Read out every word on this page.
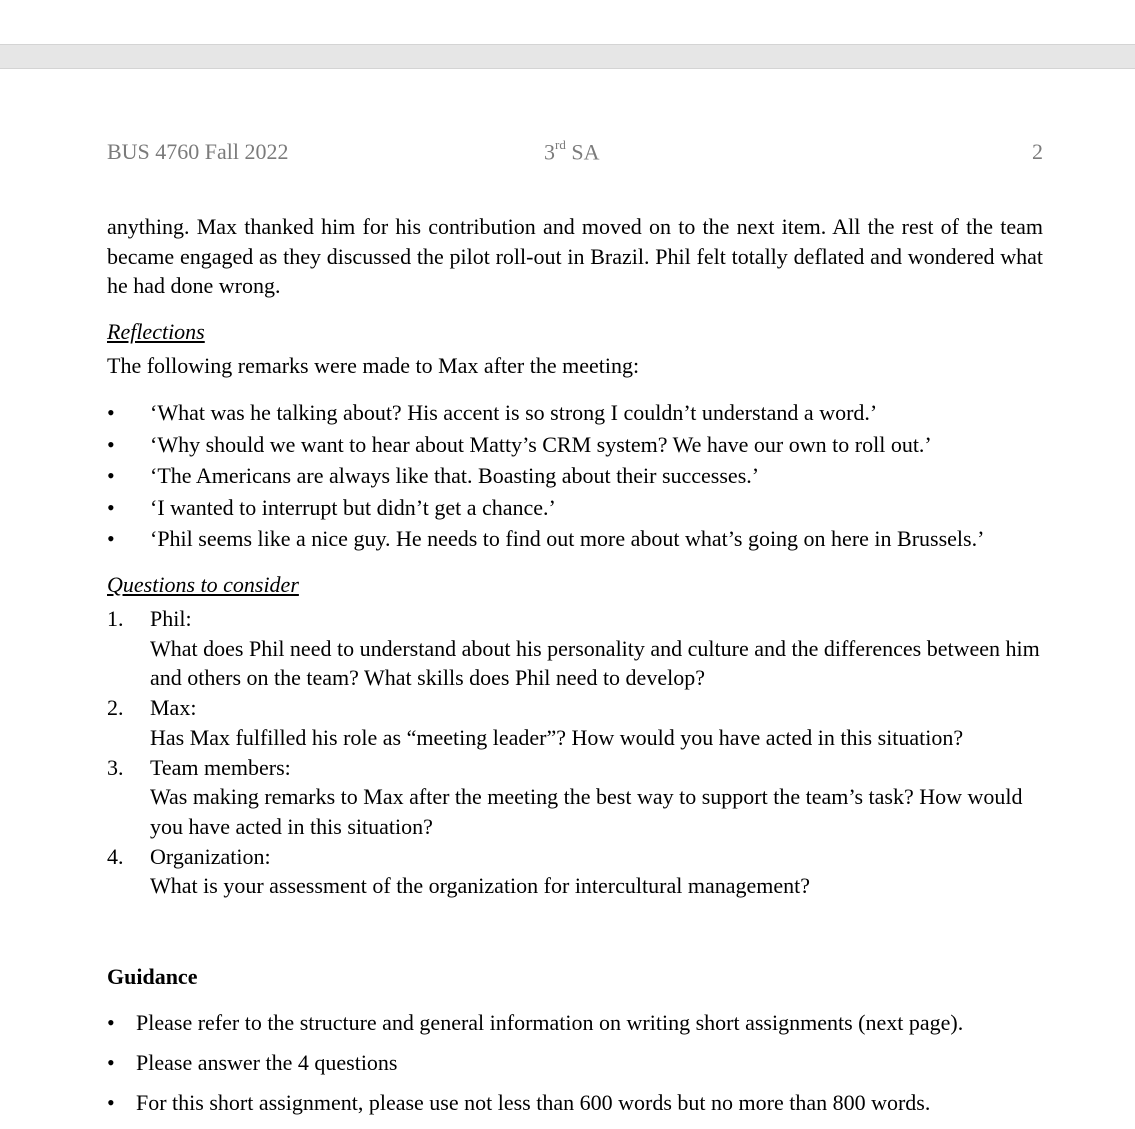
BUS 4760 Fall 2022	3rd SA	2
anything. Max thanked him for his contribution and moved on to the next item. All the rest of the team became engaged as they discussed the pilot roll-out in Brazil. Phil felt totally deflated and wondered what he had done wrong.
Reflections
The following remarks were made to Max after the meeting:
• ‘What was he talking about? His accent is so strong I couldn’t understand a word.’
• ‘Why should we want to hear about Matty’s CRM system? We have our own to roll out.’
• ‘The Americans are always like that. Boasting about their successes.’
• ‘I wanted to interrupt but didn’t get a chance.’
• ‘Phil seems like a nice guy. He needs to find out more about what’s going on here in Brussels.’
Questions to consider
1. Phil:
What does Phil need to understand about his personality and culture and the differences between him and others on the team? What skills does Phil need to develop?
2. Max:
Has Max fulfilled his role as “meeting leader”? How would you have acted in this situation?
3. Team members:
Was making remarks to Max after the meeting the best way to support the team’s task? How would you have acted in this situation?
4. Organization:
What is your assessment of the organization for intercultural management?
Guidance
• Please refer to the structure and general information on writing short assignments (next page).
• Please answer the 4 questions
• For this short assignment, please use not less than 600 words but no more than 800 words.
